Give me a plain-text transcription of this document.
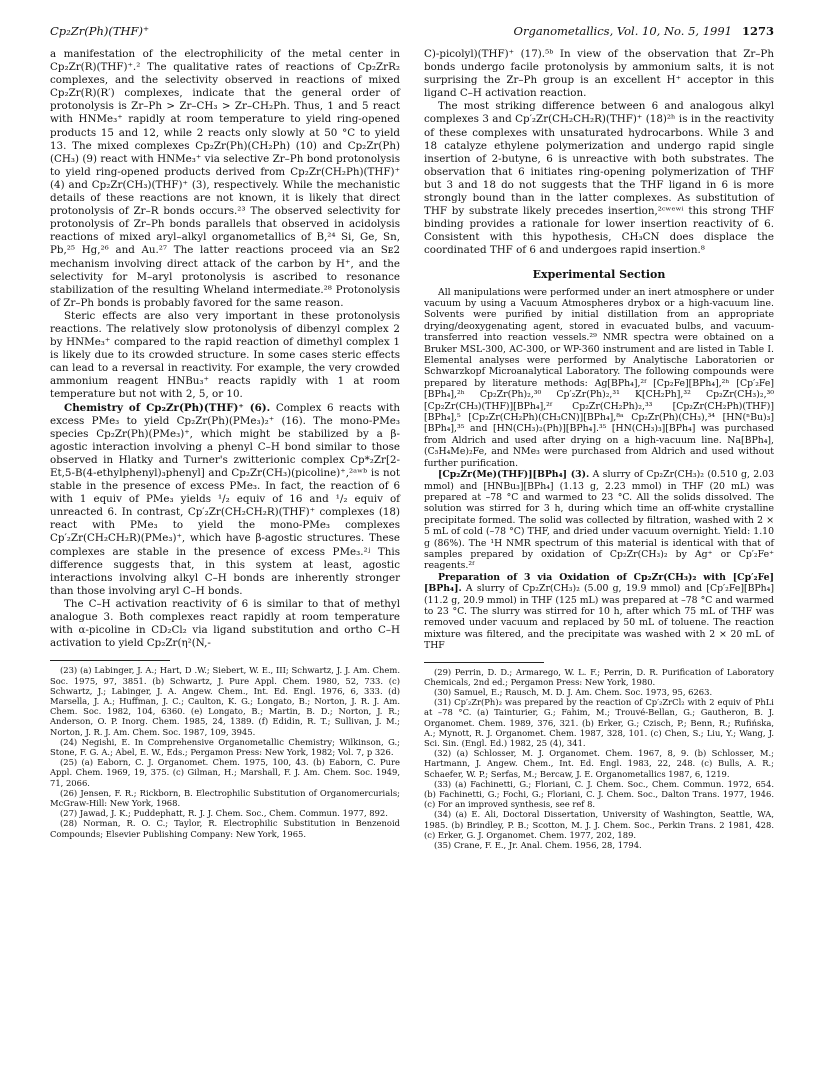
Cp₂Zr(Ph)(THF)⁺	Organometallics, Vol. 10, No. 5, 1991 1273

a manifestation of the electrophilicity of the metal center in Cp₂Zr(R)(THF)⁺.² The qualitative rates of reactions of Cp₂ZrR₂ complexes, and the selectivity observed in reactions of mixed Cp₂Zr(R)(R′) complexes, indicate that the general order of protonolysis is Zr–Ph > Zr–CH₃ > Zr–CH₂Ph. Thus, 1 and 5 react with HNMe₃⁺ rapidly at room temperature to yield ring-opened products 15 and 12, while 2 reacts only slowly at 50 °C to yield 13. The mixed complexes Cp₂Zr(Ph)(CH₂Ph) (10) and Cp₂Zr(Ph)(CH₃) (9) react with HNMe₃⁺ via selective Zr–Ph bond protonolysis to yield ring-opened products derived from Cp₂Zr(CH₂Ph)(THF)⁺ (4) and Cp₂Zr(CH₃)(THF)⁺ (3), respectively. While the mechanistic details of these reactions are not known, it is likely that direct protonolysis of Zr–R bonds occurs.²³ The observed selectivity for protonolysis of Zr–Ph bonds parallels that observed in acidolysis reactions of mixed aryl–alkyl organometallics of B,²⁴ Si, Ge, Sn, Pb,²⁵ Hg,²⁶ and Au.²⁷ The latter reactions proceed via an Sᴇ2 mechanism involving direct attack of the carbon by H⁺, and the selectivity for M–aryl protonolysis is ascribed to resonance stabilization of the resulting Wheland intermediate.²⁸ Protonolysis of Zr–Ph bonds is probably favored for the same reason.

Steric effects are also very important in these protonolysis reactions. The relatively slow protonolysis of dibenzyl complex 2 by HNMe₃⁺ compared to the rapid reaction of dimethyl complex 1 is likely due to its crowded structure. In some cases steric effects can lead to a reversal in reactivity. For example, the very crowded ammonium reagent HNBu₃⁺ reacts rapidly with 1 at room temperature but not with 2, 5, or 10.

Chemistry of Cp₂Zr(Ph)(THF)⁺ (6). Complex 6 reacts with excess PMe₃ to yield Cp₂Zr(Ph)(PMe₃)₂⁺ (16). The mono-PMe₃ species Cp₂Zr(Ph)(PMe₃)⁺, which might be stabilized by a β-agostic interaction involving a phenyl C–H bond similar to those observed in Hlatky and Turner's zwitterionic complex Cp*₂Zr[2-Et,5-B(4-ethylphenyl)₃phenyl] and Cp₂Zr(CH₃)(picoline)⁺,²ᵃʷᵇ is not stable in the presence of excess PMe₃. In fact, the reaction of 6 with 1 equiv of PMe₃ yields ¹/₂ equiv of 16 and ¹/₂ equiv of unreacted 6. In contrast, Cp′₂Zr(CH₂CH₂R)(THF)⁺ complexes (18) react with PMe₃ to yield the mono-PMe₃ complexes Cp′₂Zr(CH₂CH₂R)(PMe₃)⁺, which have β-agostic structures. These complexes are stable in the presence of excess PMe₃.²ʲ This difference suggests that, in this system at least, agostic interactions involving alkyl C–H bonds are inherently stronger than those involving aryl C–H bonds.

The C–H activation reactivity of 6 is similar to that of methyl analogue 3. Both complexes react rapidly at room temperature with α-picoline in CD₂Cl₂ via ligand substitution and ortho C–H activation to yield Cp₂Zr(η²(N,-

(23) (a) Labinger, J. A.; Hart, D .W.; Siebert, W. E., III; Schwartz, J. J. Am. Chem. Soc. 1975, 97, 3851. (b) Schwartz, J. Pure Appl. Chem. 1980, 52, 733. (c) Schwartz, J.; Labinger, J. A. Angew. Chem., Int. Ed. Engl. 1976, 6, 333. (d) Marsella, J. A.; Huffman, J. C.; Caulton, K. G.; Longato, B.; Norton, J. R. J. Am. Chem. Soc. 1982, 104, 6360. (e) Longato, B.; Martin, B. D.; Norton, J. R.; Anderson, O. P. Inorg. Chem. 1985, 24, 1389. (f) Edidin, R. T.; Sullivan, J. M.; Norton, J. R. J. Am. Chem. Soc. 1987, 109, 3945.

(24) Negishi, E. In Comprehensive Organometallic Chemistry; Wilkinson, G.; Stone, F. G. A.; Abel, E. W., Eds.; Pergamon Press: New York, 1982; Vol. 7, p 326.

(25) (a) Eaborn, C. J. Organomet. Chem. 1975, 100, 43. (b) Eaborn, C. Pure Appl. Chem. 1969, 19, 375. (c) Gilman, H.; Marshall, F. J. Am. Chem. Soc. 1949, 71, 2066.

(26) Jensen, F. R.; Rickborn, B. Electrophilic Substitution of Organomercurials; McGraw-Hill: New York, 1968.

(27) Jawad, J. K.; Puddephatt, R. J. J. Chem. Soc., Chem. Commun. 1977, 892.

(28) Norman, R. O. C.; Taylor, R. Electrophilic Substitution in Benzenoid Compounds; Elsevier Publishing Company: New York, 1965.

C)-picolyl)(THF)⁺ (17).⁵ᵇ In view of the observation that Zr–Ph bonds undergo facile protonolysis by ammonium salts, it is not surprising the Zr–Ph group is an excellent H⁺ acceptor in this ligand C–H activation reaction.

The most striking difference between 6 and analogous alkyl complexes 3 and Cp′₂Zr(CH₂CH₂R)(THF)⁺ (18)²ʰ is in the reactivity of these complexes with unsaturated hydrocarbons. While 3 and 18 catalyze ethylene polymerization and undergo rapid single insertion of 2-butyne, 6 is unreactive with both substrates. The observation that 6 initiates ring-opening polymerization of THF but 3 and 18 do not suggests that the THF ligand in 6 is more strongly bound than in the latter complexes. As substitution of THF by substrate likely precedes insertion,²ᶜʷᵉʷⁱ this strong THF binding provides a rationale for lower insertion reactivity of 6. Consistent with this hypothesis, CH₃CN does displace the coordinated THF of 6 and undergoes rapid insertion.⁸

Experimental Section

All manipulations were performed under an inert atmosphere or under vacuum by using a Vacuum Atmospheres drybox or a high-vacuum line. Solvents were purified by initial distillation from an appropriate drying/deoxygenating agent, stored in evacuated bulbs, and vacuum-transferred into reaction vessels.²⁹ NMR spectra were obtained on a Bruker MSL-300, AC-300, or WP-360 instrument and are listed in Table I. Elemental analyses were performed by Analytische Laboratorien or Schwarzkopf Microanalytical Laboratory. The following compounds were prepared by literature methods: Ag[BPh₄],²ᶠ [Cp₂Fe][BPh₄],²ʰ [Cp′₂Fe][BPh₄],²ʰ Cp₂Zr(Ph)₂,³⁰ Cp′₂Zr(Ph)₂,³¹ K[CH₂Ph],³² Cp₂Zr(CH₃)₂,³⁰ [Cp₂Zr(CH₃)(THF)][BPh₄],²ᶠ Cp₂Zr(CH₂Ph)₂,³³ [Cp₂Zr(CH₂Ph)(THF)][BPh₄],⁵ [Cp₂Zr(CH₂Ph)(CH₃CN)][BPh₄],⁸ᵃ Cp₂Zr(Ph)(CH₃),³⁴ [HN(ⁿBu)₃][BPh₄],³⁵ and [HN(CH₃)₂(Ph)][BPh₄].³⁵ [HN(CH₃)₃][BPh₄] was purchased from Aldrich and used after drying on a high-vacuum line. Na[BPh₄], (C₅H₄Me)₂Fe, and NMe₃ were purchased from Aldrich and used without further purification.

[Cp₂Zr(Me)(THF)][BPh₄] (3). A slurry of Cp₂Zr(CH₃)₂ (0.510 g, 2.03 mmol) and [HNBu₃][BPh₄] (1.13 g, 2.23 mmol) in THF (20 mL) was prepared at –78 °C and warmed to 23 °C. All the solids dissolved. The solution was stirred for 3 h, during which time an off-white crystalline precipitate formed. The solid was collected by filtration, washed with 2 × 5 mL of cold (–78 °C) THF, and dried under vacuum overnight. Yield: 1.10 g (86%). The ¹H NMR spectrum of this material is identical with that of samples prepared by oxidation of Cp₂Zr(CH₃)₂ by Ag⁺ or Cp′₂Fe⁺ reagents.²ᶠ

Preparation of 3 via Oxidation of Cp₂Zr(CH₃)₂ with [Cp′₂Fe][BPh₄]. A slurry of Cp₂Zr(CH₃)₂ (5.00 g, 19.9 mmol) and [Cp′₂Fe][BPh₄] (11.2 g, 20.9 mmol) in THF (125 mL) was prepared at –78 °C and warmed to 23 °C. The slurry was stirred for 10 h, after which 75 mL of THF was removed under vacuum and replaced by 50 mL of toluene. The reaction mixture was filtered, and the precipitate was washed with 2 × 20 mL of THF

(29) Perrin, D. D.; Armarego, W. L. F.; Perrin, D. R. Purification of Laboratory Chemicals, 2nd ed.; Pergamon Press: New York, 1980.

(30) Samuel, E.; Rausch, M. D. J. Am. Chem. Soc. 1973, 95, 6263.

(31) Cp′₂Zr(Ph)₂ was prepared by the reaction of Cp′₂ZrCl₂ with 2 equiv of PhLi at –78 °C. (a) Tainturier, G.; Fahim, M.; Trouvé-Bellan, G.; Gautheron, B. J. Organomet. Chem. 1989, 376, 321. (b) Erker, G.; Czisch, P.; Benn, R.; Rufińska, A.; Mynott, R. J. Organomet. Chem. 1987, 328, 101. (c) Chen, S.; Liu, Y.; Wang, J. Sci. Sin. (Engl. Ed.) 1982, 25 (4), 341.

(32) (a) Schlosser, M. J. Organomet. Chem. 1967, 8, 9. (b) Schlosser, M.; Hartmann, J. Angew. Chem., Int. Ed. Engl. 1983, 22, 248. (c) Bulls, A. R.; Schaefer, W. P.; Serfas, M.; Bercaw, J. E. Organometallics 1987, 6, 1219.

(33) (a) Fachinetti, G.; Floriani, C. J. Chem. Soc., Chem. Commun. 1972, 654. (b) Fachinetti, G.; Fochi, G.; Floriani, C. J. Chem. Soc., Dalton Trans. 1977, 1946. (c) For an improved synthesis, see ref 8.

(34) (a) E. Ali, Doctoral Dissertation, University of Washington, Seattle, WA, 1985. (b) Brindley, P. B.; Scotton, M. J. J. Chem. Soc., Perkin Trans. 2 1981, 428. (c) Erker, G. J. Organomet. Chem. 1977, 202, 189.

(35) Crane, F. E., Jr. Anal. Chem. 1956, 28, 1794.
